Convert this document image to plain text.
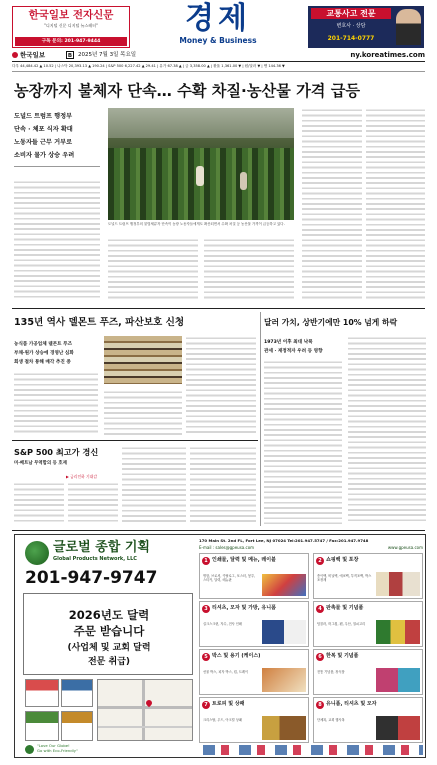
한국일보 전자신문
"디지털 신문 디지털 뉴스레터"
구독 문의: 201-947-9444
경제
Money & Business
교통사고 전문
변호사 · 상담
201-714-0777
한국일보	B	2025년 7월 3일 목요일	ny.koreatimes.com
다우 44,484.42 ▲ 10.52 | 나스닥 20,393.13 ▲ 190.24 | S&P 500 6,227.42 ▲ 29.41 | 유가 67.38 ▲ | 금 3,358.00 ▲ | 환율 1,361.00 ▼ | 원/달러 ▼ | 엔 144.36 ▼
농장까지 불체자 단속… 수확 차질·농산물 가격 급등
도널드 트럼프 행정부
단속 · 체포 식자 확대
노동자들 근무 거부로
소비자 물가 상승 우려
도널드 트럼프 행정부의 불법체류자 단속이 농장 노동자들에게도 확산되면서 수확 차질 등 농산물 가격이 급등하고 있다.
135년 역사 델몬트 푸즈, 파산보호 신청
농식품 가공업체 델몬트 푸즈
부채·원가 상승에 경영난 심화
회생 절차 통해 매각 추진 중
달러 가치, 상반기에만 10% 넘게 하락
1973년 이후 최대 낙폭
관세 · 재정적자 우려 등 영향
S&P 500 최고가 경신
미·베트남 무역합의 등 호재
▶ 금리인하 기대감
글로벌 종합 기획
Global Products Network, LLC
201-947-9747
2026년도 달력
주문 받습니다
(사업체 및 교회 달력
전문 취급)
"Love Our Globe!
Go with Eco-Friendly"
170 Main St. 2nd FL, Fort Lee, NJ 07024 Tel:201.947.5747 / Fax:201.947.9748
E-mail : sales@gpeusa.com	www.gpeusa.com
1 인쇄물, 달력 및 메뉴, 레이블
명함, 브로셔, 카탈로그, 포스터, 봉투, 스티커, 달력, 메뉴판
2 쇼핑백 및 포장
종이백, 비닐백, 에코백, 부직포백, 박스 포장재
3 티셔츠, 모자 및 가방, 유니폼
실크스크린, 자수, 전사 인쇄
4 판촉물 및 기념품
텀블러, 머그컵, 펜, 우산, 열쇠고리
5 박스 및 용기 (케이스)
선물 박스, 피자 박스, 컵, 트레이
6 한복 및 기념품
전통 기념품, 장식품
7 트로피 및 상패
크리스탈, 우드, 아크릴 상패
8 유니폼, 티셔츠 및 모자
단체복, 교회 행사복
